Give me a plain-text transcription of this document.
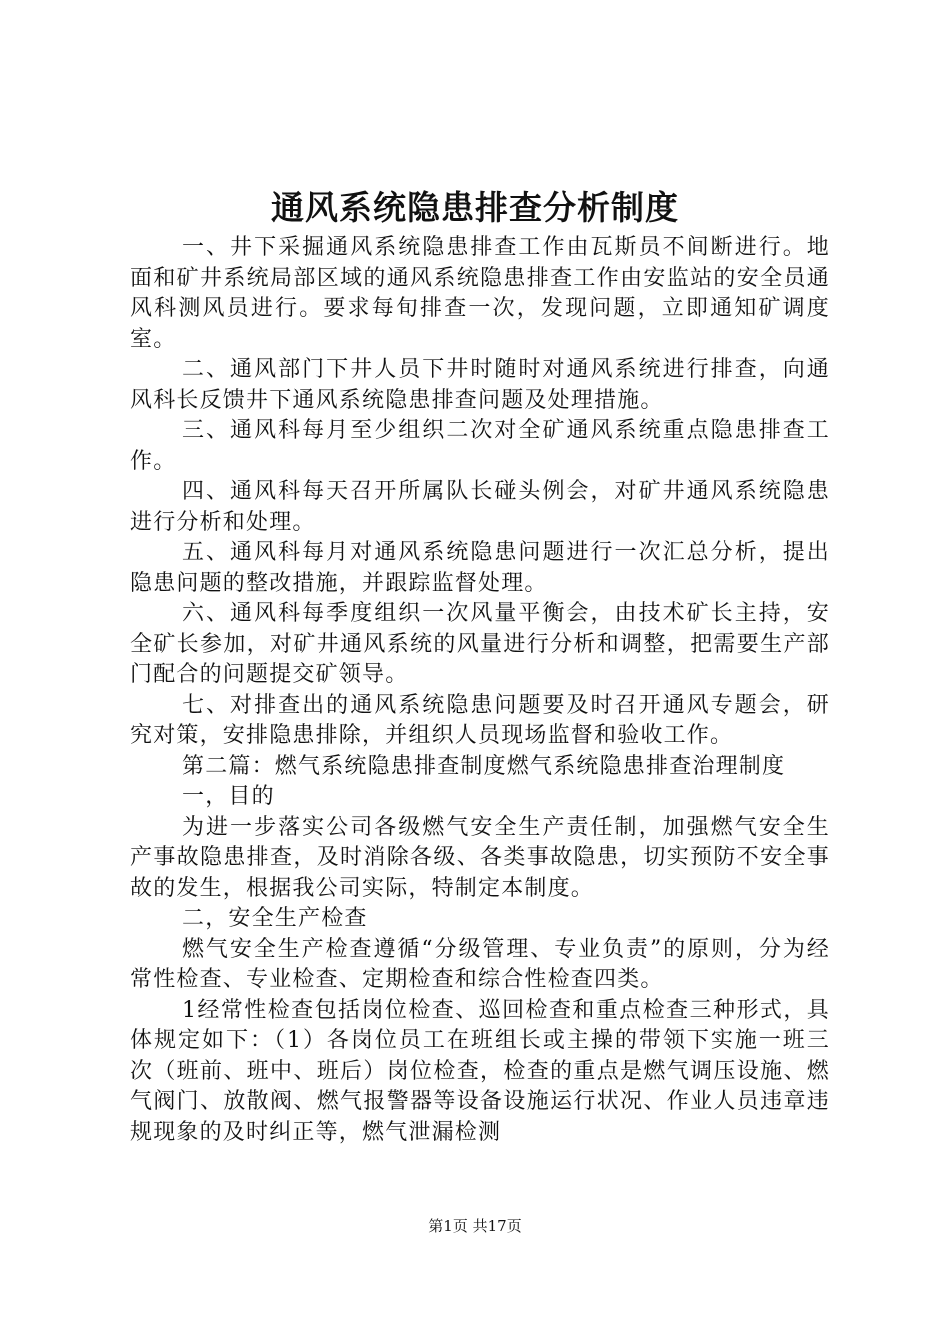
通风系统隐患排查分析制度

一、井下采掘通风系统隐患排查工作由瓦斯员不间断进行。地面和矿井系统局部区域的通风系统隐患排查工作由安监站的安全员通风科测风员进行。要求每旬排查一次，发现问题，立即通知矿调度室。

二、通风部门下井人员下井时随时对通风系统进行排查，向通风科长反馈井下通风系统隐患排查问题及处理措施。

三、通风科每月至少组织二次对全矿通风系统重点隐患排查工作。

四、通风科每天召开所属队长碰头例会，对矿井通风系统隐患进行分析和处理。

五、通风科每月对通风系统隐患问题进行一次汇总分析，提出隐患问题的整改措施，并跟踪监督处理。

六、通风科每季度组织一次风量平衡会，由技术矿长主持，安全矿长参加，对矿井通风系统的风量进行分析和调整，把需要生产部门配合的问题提交矿领导。

七、对排查出的通风系统隐患问题要及时召开通风专题会，研究对策，安排隐患排除，并组织人员现场监督和验收工作。

第二篇：燃气系统隐患排查制度燃气系统隐患排查治理制度

一，目的

为进一步落实公司各级燃气安全生产责任制，加强燃气安全生产事故隐患排查，及时消除各级、各类事故隐患，切实预防不安全事故的发生，根据我公司实际，特制定本制度。

二，安全生产检查

燃气安全生产检查遵循“分级管理、专业负责”的原则，分为经常性检查、专业检查、定期检查和综合性检查四类。

1经常性检查包括岗位检查、巡回检查和重点检查三种形式，具体规定如下：（1）各岗位员工在班组长或主操的带领下实施一班三次（班前、班中、班后）岗位检查，检查的重点是燃气调压设施、燃气阀门、放散阀、燃气报警器等设备设施运行状况、作业人员违章违规现象的及时纠正等，燃气泄漏检测

第1页 共17页
